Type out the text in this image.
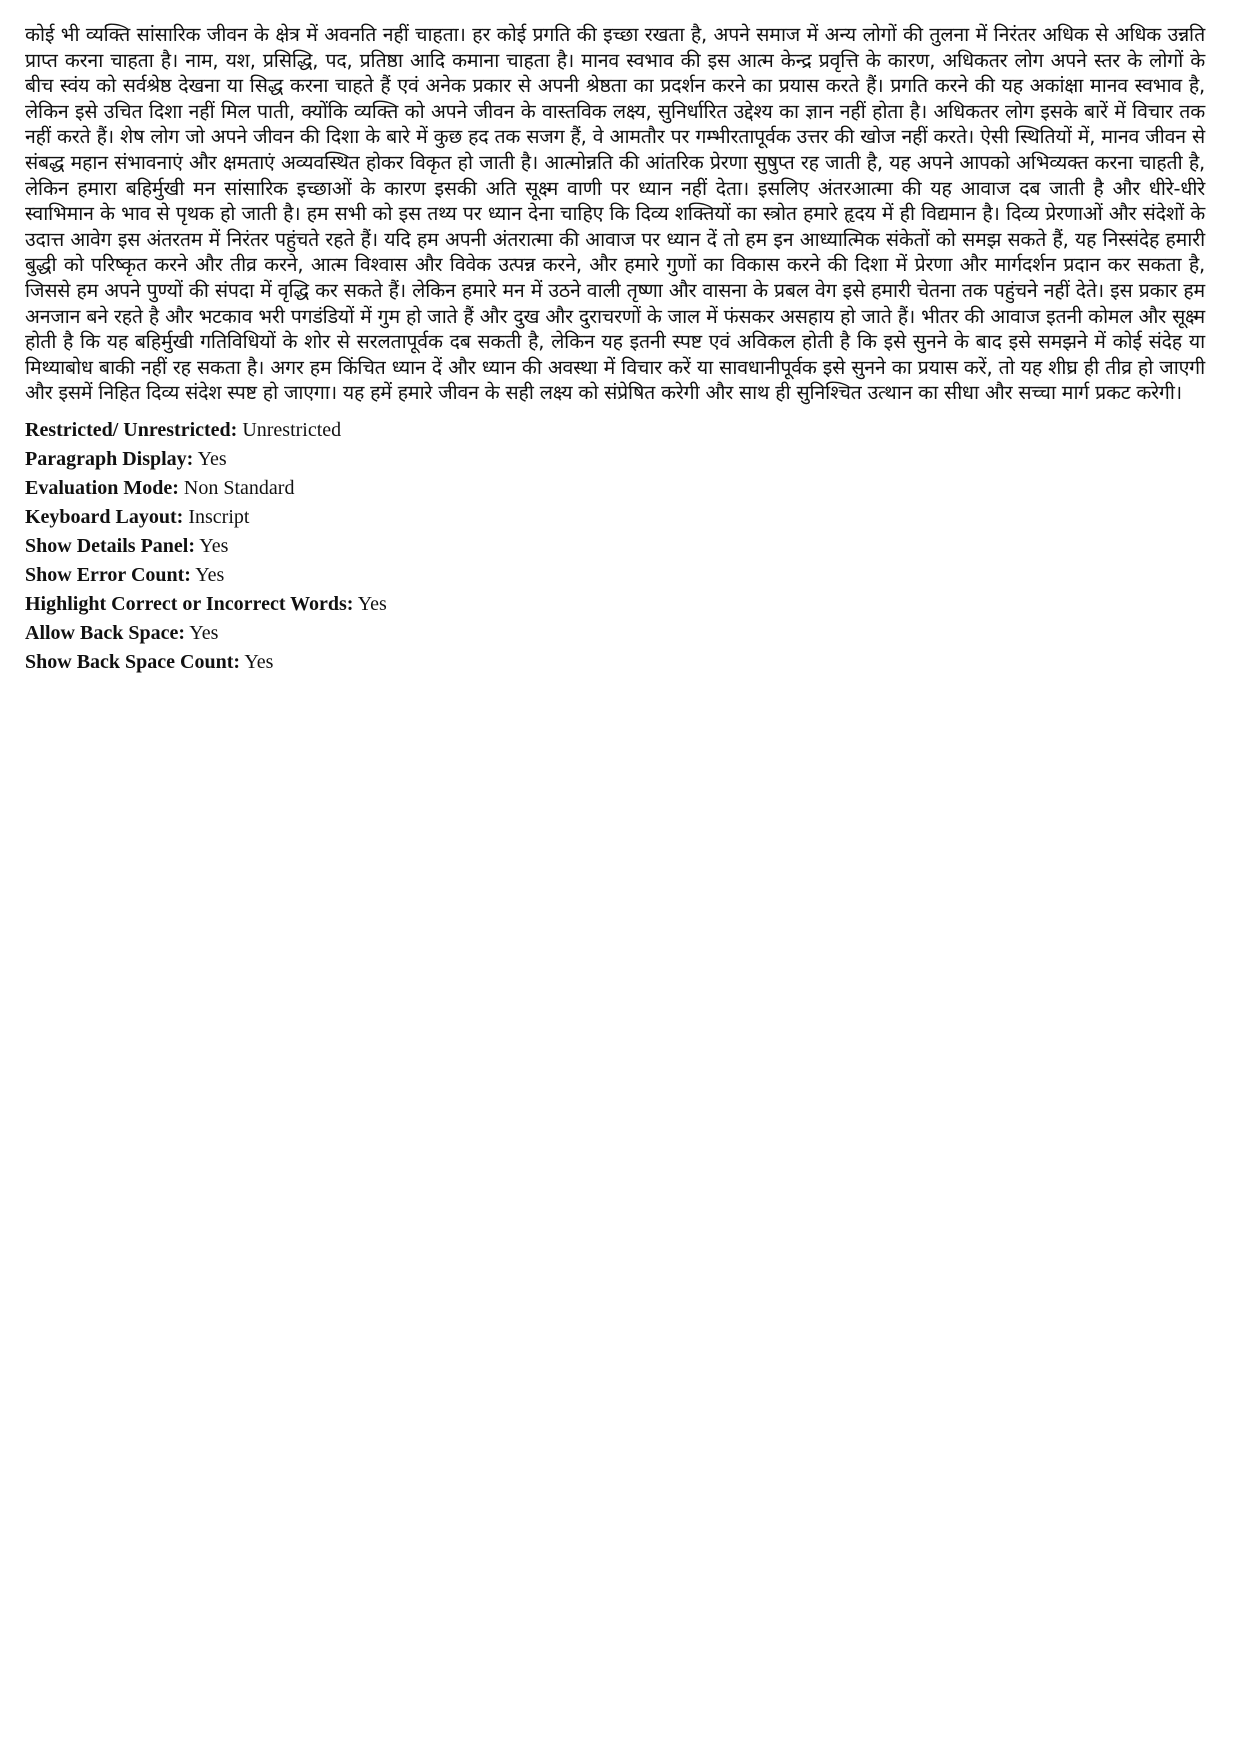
कोई भी व्यक्ति सांसारिक जीवन के क्षेत्र में अवनति नहीं चाहता। हर कोई प्रगति की इच्छा रखता है, अपने समाज में अन्य लोगों की तुलना में निरंतर अधिक से अधिक उन्नति प्राप्त करना चाहता है। नाम, यश, प्रसिद्धि, पद, प्रतिष्ठा आदि कमाना चाहता है। मानव स्वभाव की इस आत्म केन्द्र प्रवृत्ति के कारण, अधिकतर लोग अपने स्तर के लोगों के बीच स्वंय को सर्वश्रेष्ठ देखना या सिद्ध करना चाहते हैं एवं अनेक प्रकार से अपनी श्रेष्ठता का प्रदर्शन करने का प्रयास करते हैं। प्रगति करने की यह अकांक्षा मानव स्वभाव है, लेकिन इसे उचित दिशा नहीं मिल पाती, क्योंकि व्यक्ति को अपने जीवन के वास्तविक लक्ष्य, सुनिर्धारित उद्देश्य का ज्ञान नहीं होता है। अधिकतर लोग इसके बारें में विचार तक नहीं करते हैं। शेष लोग जो अपने जीवन की दिशा के बारे में कुछ हद तक सजग हैं, वे आमतौर पर गम्भीरतापूर्वक उत्तर की खोज नहीं करते। ऐसी स्थितियों में, मानव जीवन से संबद्ध महान संभावनाएं और क्षमताएं अव्यवस्थित होकर विकृत हो जाती है। आत्मोन्नति की आंतरिक प्रेरणा सुषुप्त रह जाती है, यह अपने आपको अभिव्यक्त करना चाहती है, लेकिन हमारा बहिर्मुखी मन सांसारिक इच्छाओं के कारण इसकी अति सूक्ष्म वाणी पर ध्यान नहीं देता। इसलिए अंतरआत्मा की यह आवाज दब जाती है और धीरे-धीरे स्वाभिमान के भाव से पृथक हो जाती है। हम सभी को इस तथ्य पर ध्यान देना चाहिए कि दिव्य शक्तियों का स्त्रोत हमारे हृदय में ही विद्यमान है। दिव्य प्रेरणाओं और संदेशों के उदात्त आवेग इस अंतरतम में निरंतर पहुंचते रहते हैं। यदि हम अपनी अंतरात्मा की आवाज पर ध्यान दें तो हम इन आध्यात्मिक संकेतों को समझ सकते हैं, यह निस्संदेह हमारी बुद्धी को परिष्कृत करने और तीव्र करने, आत्म विश्वास और विवेक उत्पन्न करने, और हमारे गुणों का विकास करने की दिशा में प्रेरणा और मार्गदर्शन प्रदान कर सकता है, जिससे हम अपने पुण्यों की संपदा में वृद्धि कर सकते हैं। लेकिन हमारे मन में उठने वाली तृष्णा और वासना के प्रबल वेग इसे हमारी चेतना तक पहुंचने नहीं देते। इस प्रकार हम अनजान बने रहते है और भटकाव भरी पगडंडियों में गुम हो जाते हैं और दुख और दुराचरणों के जाल में फंसकर असहाय हो जाते हैं। भीतर की आवाज इतनी कोमल और सूक्ष्म होती है कि यह बहिर्मुखी गतिविधियों के शोर से सरलतापूर्वक दब सकती है, लेकिन यह इतनी स्पष्ट एवं अविकल होती है कि इसे सुनने के बाद इसे समझने में कोई संदेह या मिथ्याबोध बाकी नहीं रह सकता है। अगर हम किंचित ध्यान दें और ध्यान की अवस्था में विचार करें या सावधानीपूर्वक इसे सुनने का प्रयास करें, तो यह शीघ्र ही तीव्र हो जाएगी और इसमें निहित दिव्य संदेश स्पष्ट हो जाएगा। यह हमें हमारे जीवन के सही लक्ष्य को संप्रेषित करेगी और साथ ही सुनिश्चित उत्थान का सीधा और सच्चा मार्ग प्रकट करेगी।

Restricted/ Unrestricted: Unrestricted
Paragraph Display: Yes
Evaluation Mode: Non Standard
Keyboard Layout: Inscript
Show Details Panel: Yes
Show Error Count: Yes
Highlight Correct or Incorrect Words: Yes
Allow Back Space: Yes
Show Back Space Count: Yes
